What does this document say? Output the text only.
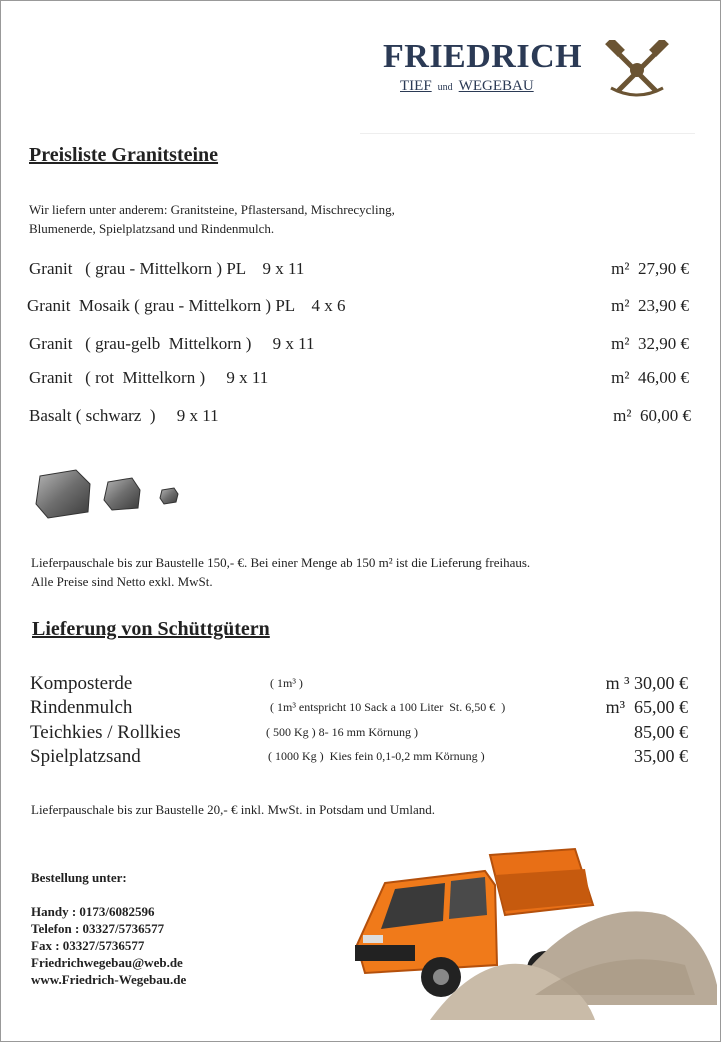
FRIEDRICH
TIEF und WEGEBAU
Preisliste Granitsteine
Wir liefern unter anderem: Granitsteine, Pflastersand, Mischrecycling,
Blumenerde, Spielplatzsand und Rindenmulch.
Granit   ( grau - Mittelkorn ) PL    9 x 11	m²  27,90 €
Granit  Mosaik ( grau - Mittelkorn ) PL    4 x 6	m²  23,90 €
Granit   ( grau-gelb  Mittelkorn )     9 x 11	m²  32,90 €
Granit   ( rot  Mittelkorn )     9 x 11	m²  46,00 €
Basalt ( schwarz  )     9 x 11	m²  60,00 €
Lieferpauschale bis zur Baustelle 150,- €. Bei einer Menge ab 150 m² ist die Lieferung freihaus.
Alle Preise sind Netto exkl. MwSt.
Lieferung von Schüttgütern
Komposterde	( 1m³ )	m ³ 30,00 €
Rindenmulch	( 1m³ entspricht 10 Sack a 100 Liter  St. 6,50 €  )	m³  65,00 €
Teichkies / Rollkies	( 500 Kg ) 8- 16 mm Körnung )	85,00 €
Spielplatzsand	( 1000 Kg )  Kies fein 0,1-0,2 mm Körnung )	35,00 €
Lieferpauschale bis zur Baustelle 20,- € inkl. MwSt. in Potsdam und Umland.
Bestellung unter:
Handy : 0173/6082596
Telefon : 03327/5736577
Fax : 03327/5736577
Friedrichwegebau@web.de
www.Friedrich-Wegebau.de
